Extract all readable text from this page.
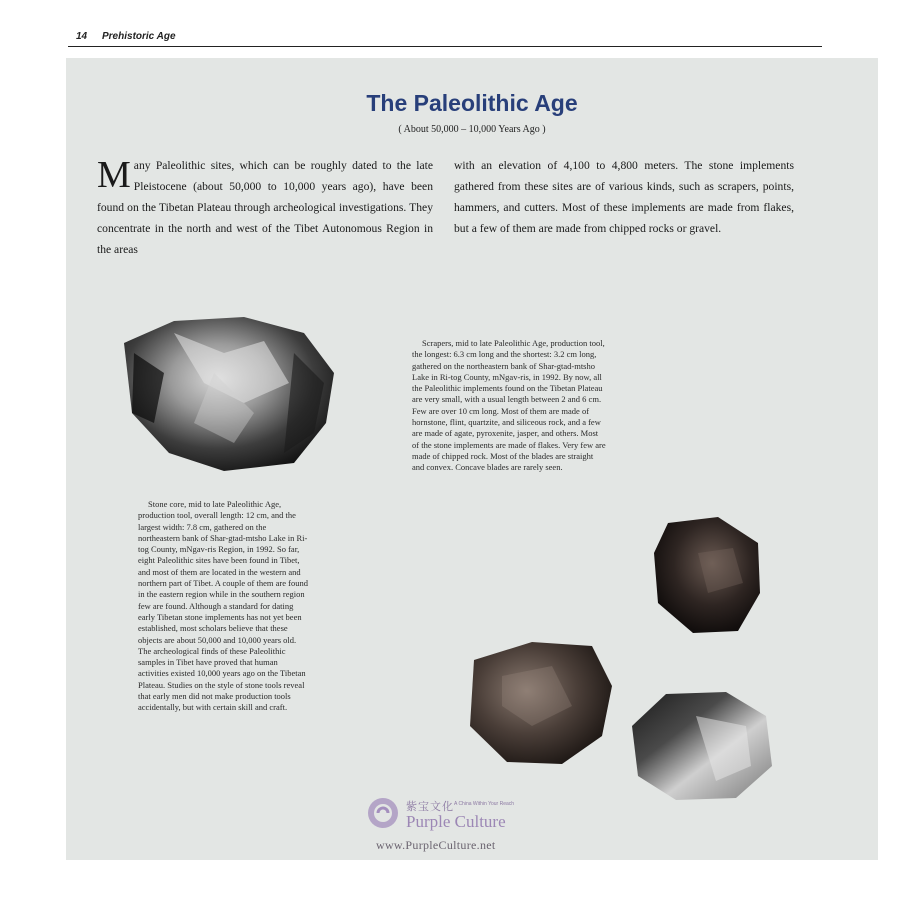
14 Prehistoric Age
The Paleolithic Age
( About 50,000 – 10,000 Years Ago )
Many Paleolithic sites, which can be roughly dated to the late Pleistocene (about 50,000 to 10,000 years ago), have been found on the Tibetan Plateau through archeological investigations. They concentrate in the north and west of the Tibet Autonomous Region in the areas
with an elevation of 4,100 to 4,800 meters. The stone implements gathered from these sites are of various kinds, such as scrapers, points, hammers, and cutters. Most of these implements are made from flakes, but a few of them are made from chipped rocks or gravel.
Stone core, mid to late Paleolithic Age, production tool, overall length: 12 cm, and the largest width: 7.8 cm, gathered on the northeastern bank of Shar-gtad-mtsho Lake in Ri-tog County, mNgav-ris Region, in 1992. So far, eight Paleolithic sites have been found in Tibet, and most of them are located in the western and northern part of Tibet. A couple of them are found in the eastern region while in the southern region few are found. Although a standard for dating early Tibetan stone implements has not yet been established, most scholars believe that these objects are about 50,000 and 10,000 years old. The archeological finds of these Paleolithic samples in Tibet have proved that human activities existed 10,000 years ago on the Tibetan Plateau. Studies on the style of stone tools reveal that early men did not make production tools accidentally, but with certain skill and craft.
Scrapers, mid to late Paleolithic Age, production tool, the longest: 6.3 cm long and the shortest: 3.2 cm long, gathered on the northeastern bank of Shar-gtad-mtsho Lake in Ri-tog County, mNgav-ris, in 1992. By now, all the Paleolithic implements found on the Tibetan Plateau are very small, with a usual length between 2 and 6 cm. Few are over 10 cm long. Most of them are made of hornstone, flint, quartzite, and siliceous rock, and a few are made of agate, pyroxenite, jasper, and others. Most of the stone implements are made of flakes. Very few are made of chipped rock. Most of the blades are straight and convex. Concave blades are rarely seen.
紫宝文化 A China Within Your Reach
Purple Culture
www.PurpleCulture.net
